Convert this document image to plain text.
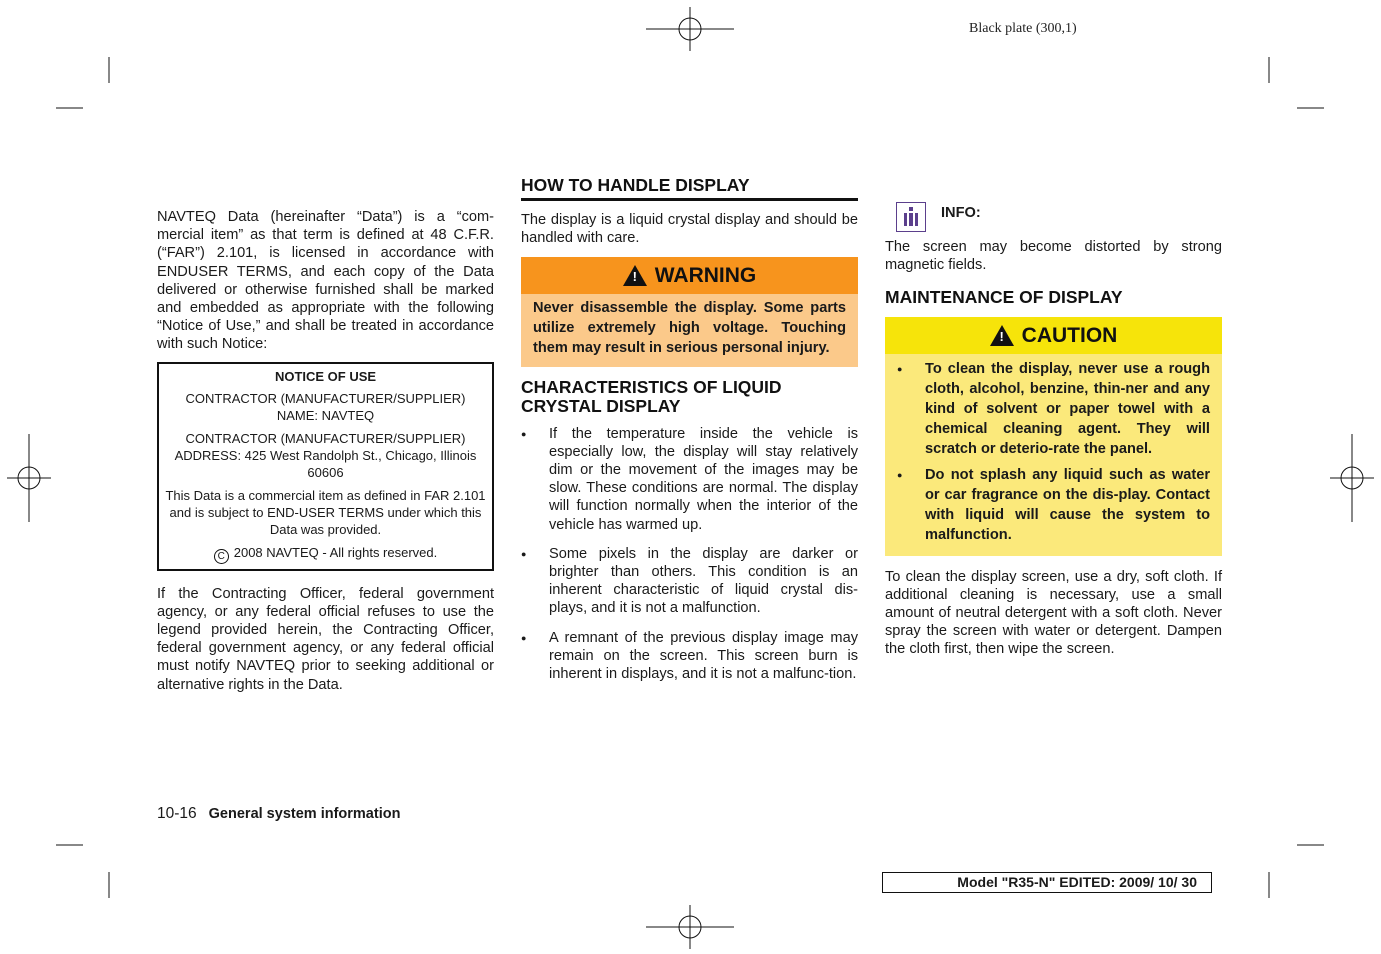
Black plate (300,1)

NAVTEQ Data (hereinafter “Data”) is a “com-mercial item” as that term is defined at 48 C.F.R. (“FAR”) 2.101, is licensed in accordance with ENDUSER TERMS, and each copy of the Data delivered or otherwise furnished shall be marked and embedded as appropriate with the following “Notice of Use,” and shall be treated in accordance with such Notice:

NOTICE OF USE

CONTRACTOR (MANUFACTURER/SUPPLIER) NAME: NAVTEQ

CONTRACTOR (MANUFACTURER/SUPPLIER) ADDRESS: 425 West Randolph St., Chicago, Illinois 60606

This Data is a commercial item as defined in FAR 2.101 and is subject to END-USER TERMS under which this Data was provided.

C 2008 NAVTEQ - All rights reserved.

If the Contracting Officer, federal government agency, or any federal official refuses to use the legend provided herein, the Contracting Officer, federal government agency, or any federal official must notify NAVTEQ prior to seeking additional or alternative rights in the Data.

HOW TO HANDLE DISPLAY

The display is a liquid crystal display and should be handled with care.

! WARNING
Never disassemble the display. Some parts utilize extremely high voltage. Touching them may result in serious personal injury.
CHARACTERISTICS OF LIQUID CRYSTAL DISPLAY
● If the temperature inside the vehicle is especially low, the display will stay relatively dim or the movement of the images may be slow. These conditions are normal. The display will function normally when the interior of the vehicle has warmed up.
● Some pixels in the display are darker or brighter than others. This condition is an inherent characteristic of liquid crystal dis-plays, and it is not a malfunction.
● A remnant of the previous display image may remain on the screen. This screen burn is inherent in displays, and it is not a malfunc-tion.
INFO:

The screen may become distorted by strong magnetic fields.

MAINTENANCE OF DISPLAY
! CAUTION
● To clean the display, never use a rough cloth, alcohol, benzine, thin-ner and any kind of solvent or paper towel with a chemical cleaning agent. They will scratch or deterio-rate the panel.
● Do not splash any liquid such as water or car fragrance on the dis-play. Contact with liquid will cause the system to malfunction.

To clean the display screen, use a dry, soft cloth. If additional cleaning is necessary, use a small amount of neutral detergent with a soft cloth. Never spray the screen with water or detergent. Dampen the cloth first, then wipe the screen.

10-16 General system information
Model "R35-N" EDITED: 2009/ 10/ 30
